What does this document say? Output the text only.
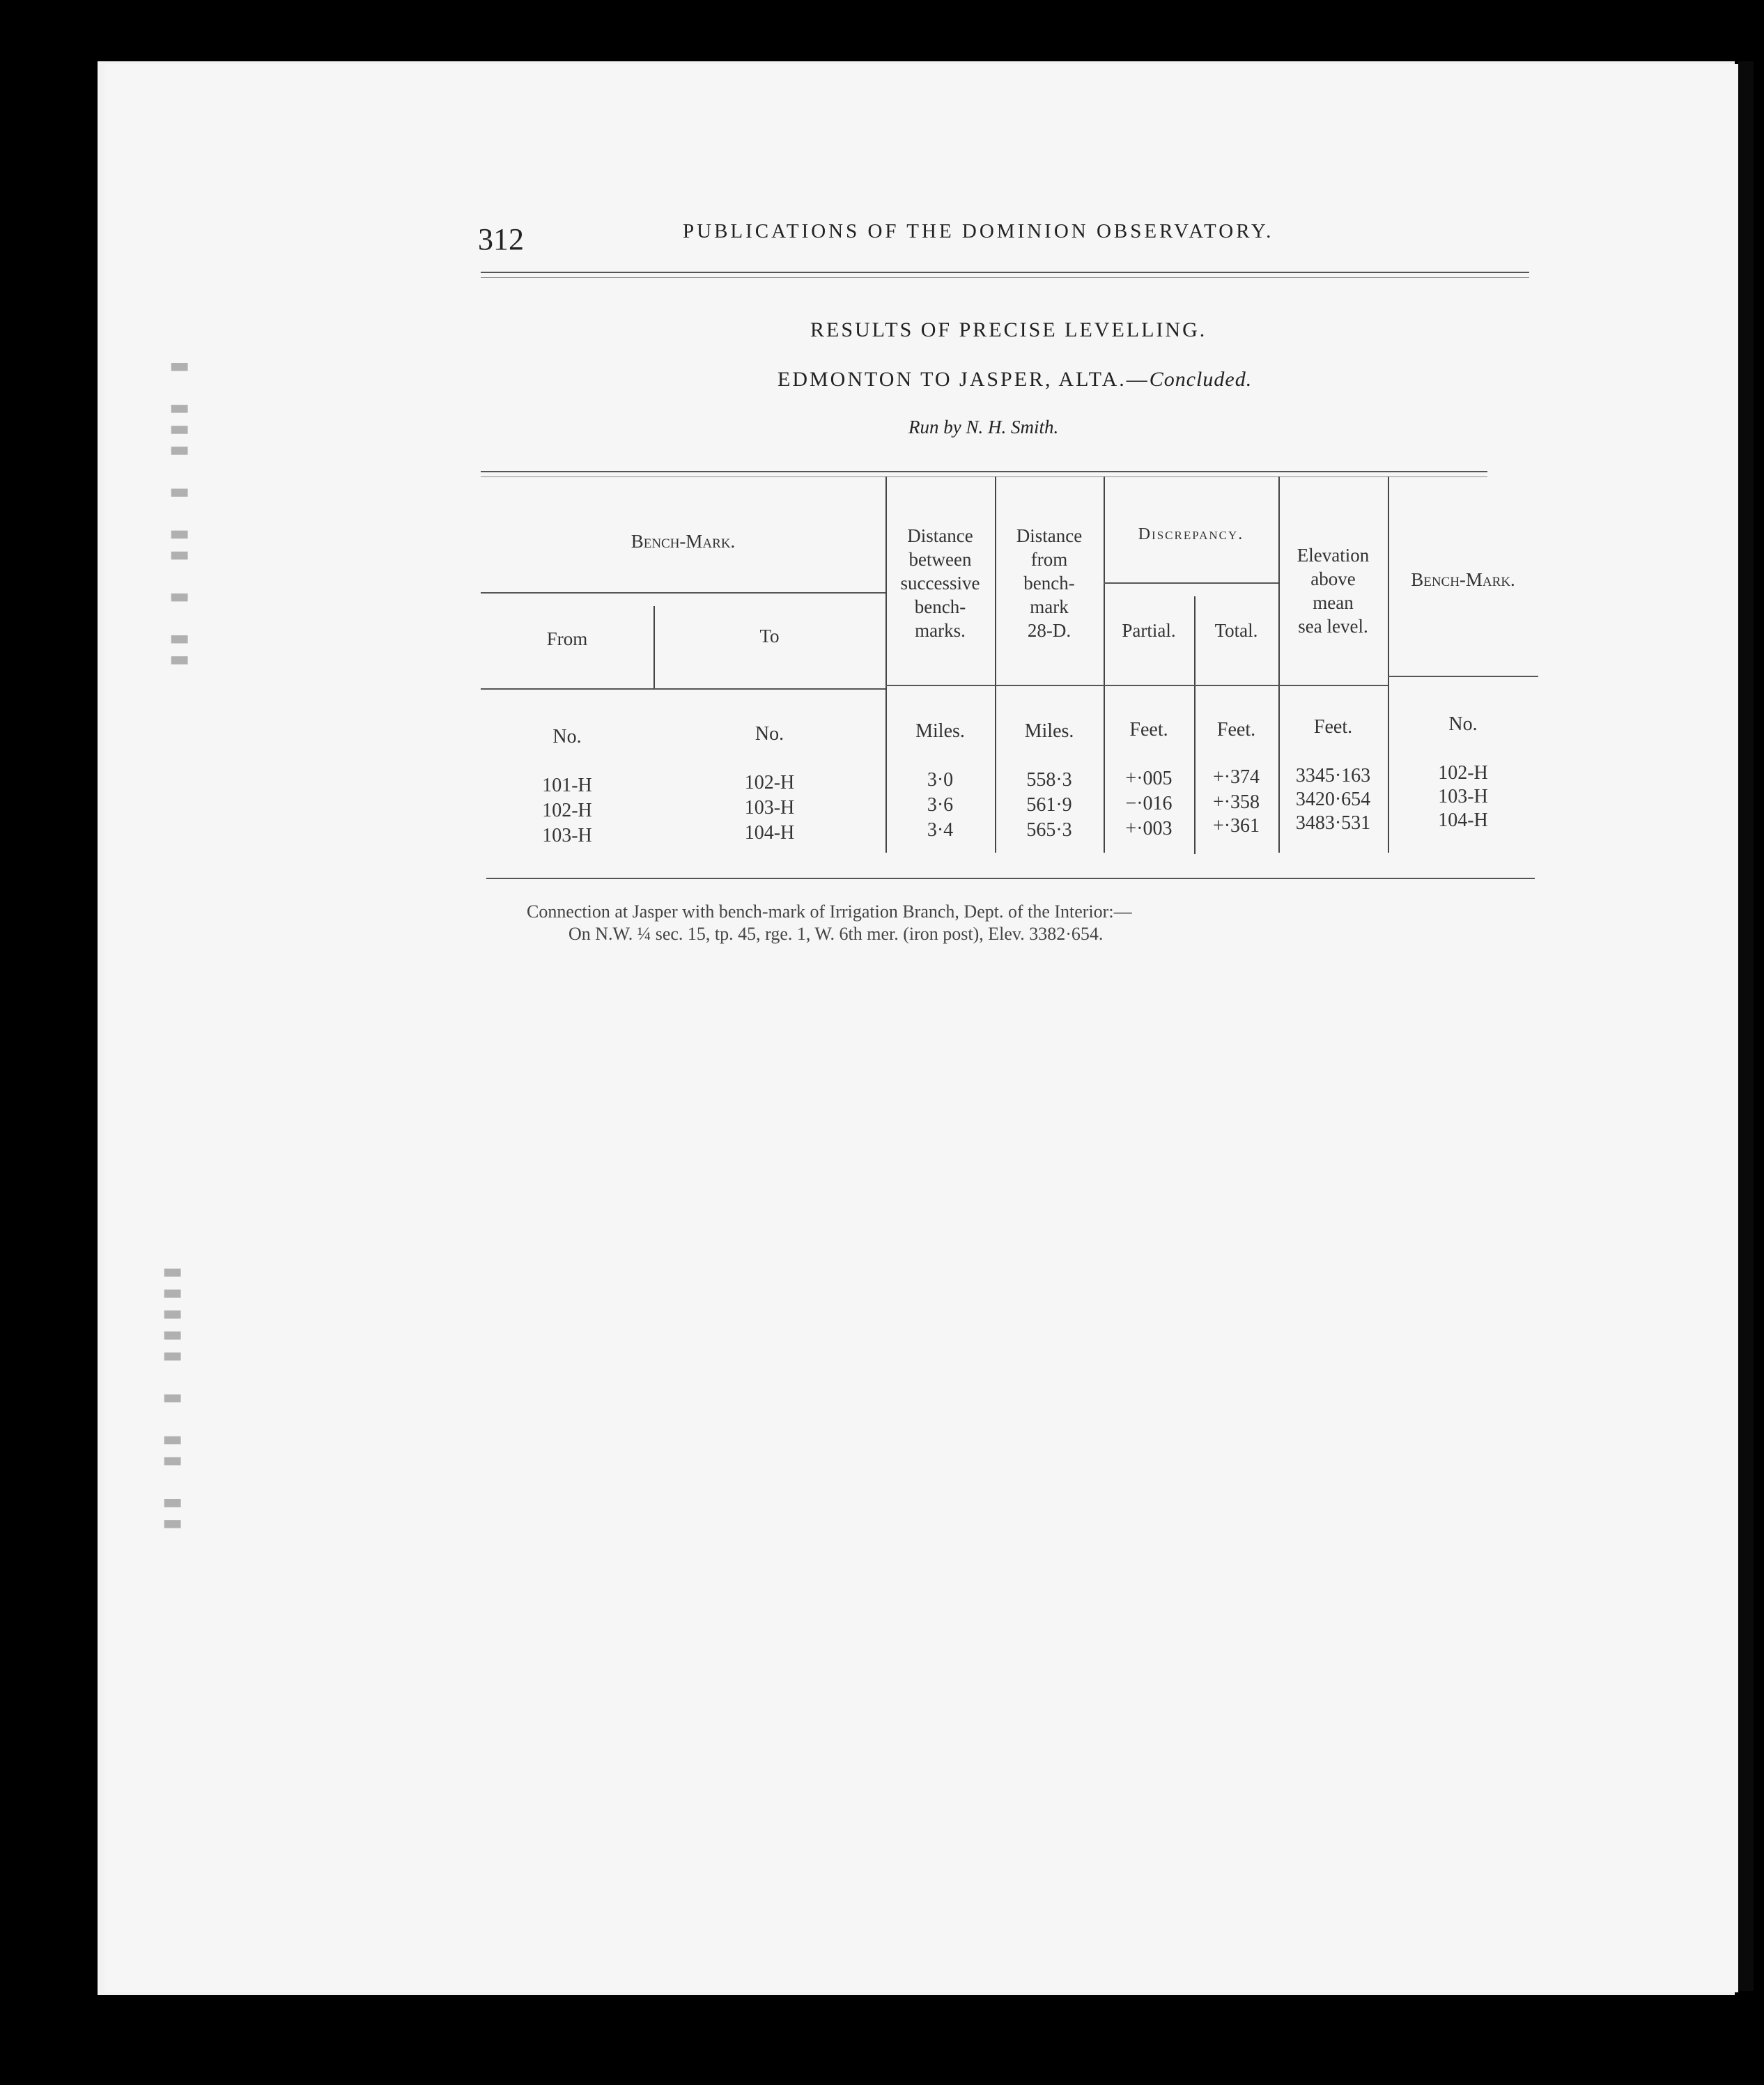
▮▮ ▮ ▮▮ ▮ ▮▮▮ ▮
▮▮ ▮▮ ▮ ▮▮▮▮▮
312	PUBLICATIONS OF THE DOMINION OBSERVATORY.
RESULTS OF PRECISE LEVELLING.
EDMONTON TO JASPER, ALTA.—Concluded.
Run by N. H. Smith.
Bench-Mark.
From	To
Distance
between
successive
bench-
marks.
Distance
from
bench-
mark
28-D.
Discrepancy.
Partial.	Total.
Elevation
above
mean
sea level.
Bench-Mark.
No.	No.	Miles.	Miles.	Feet.	Feet.	Feet.	No.
101-H	102-H	3·0	558·3	+·005	+·374	3345·163	102-H
102-H	103-H	3·6	561·9	−·016	+·358	3420·654	103-H
103-H	104-H	3·4	565·3	+·003	+·361	3483·531	104-H
Connection at Jasper with bench-mark of Irrigation Branch, Dept. of the Interior:—
On N.W. ¼ sec. 15, tp. 45, rge. 1, W. 6th mer. (iron post), Elev. 3382·654.
